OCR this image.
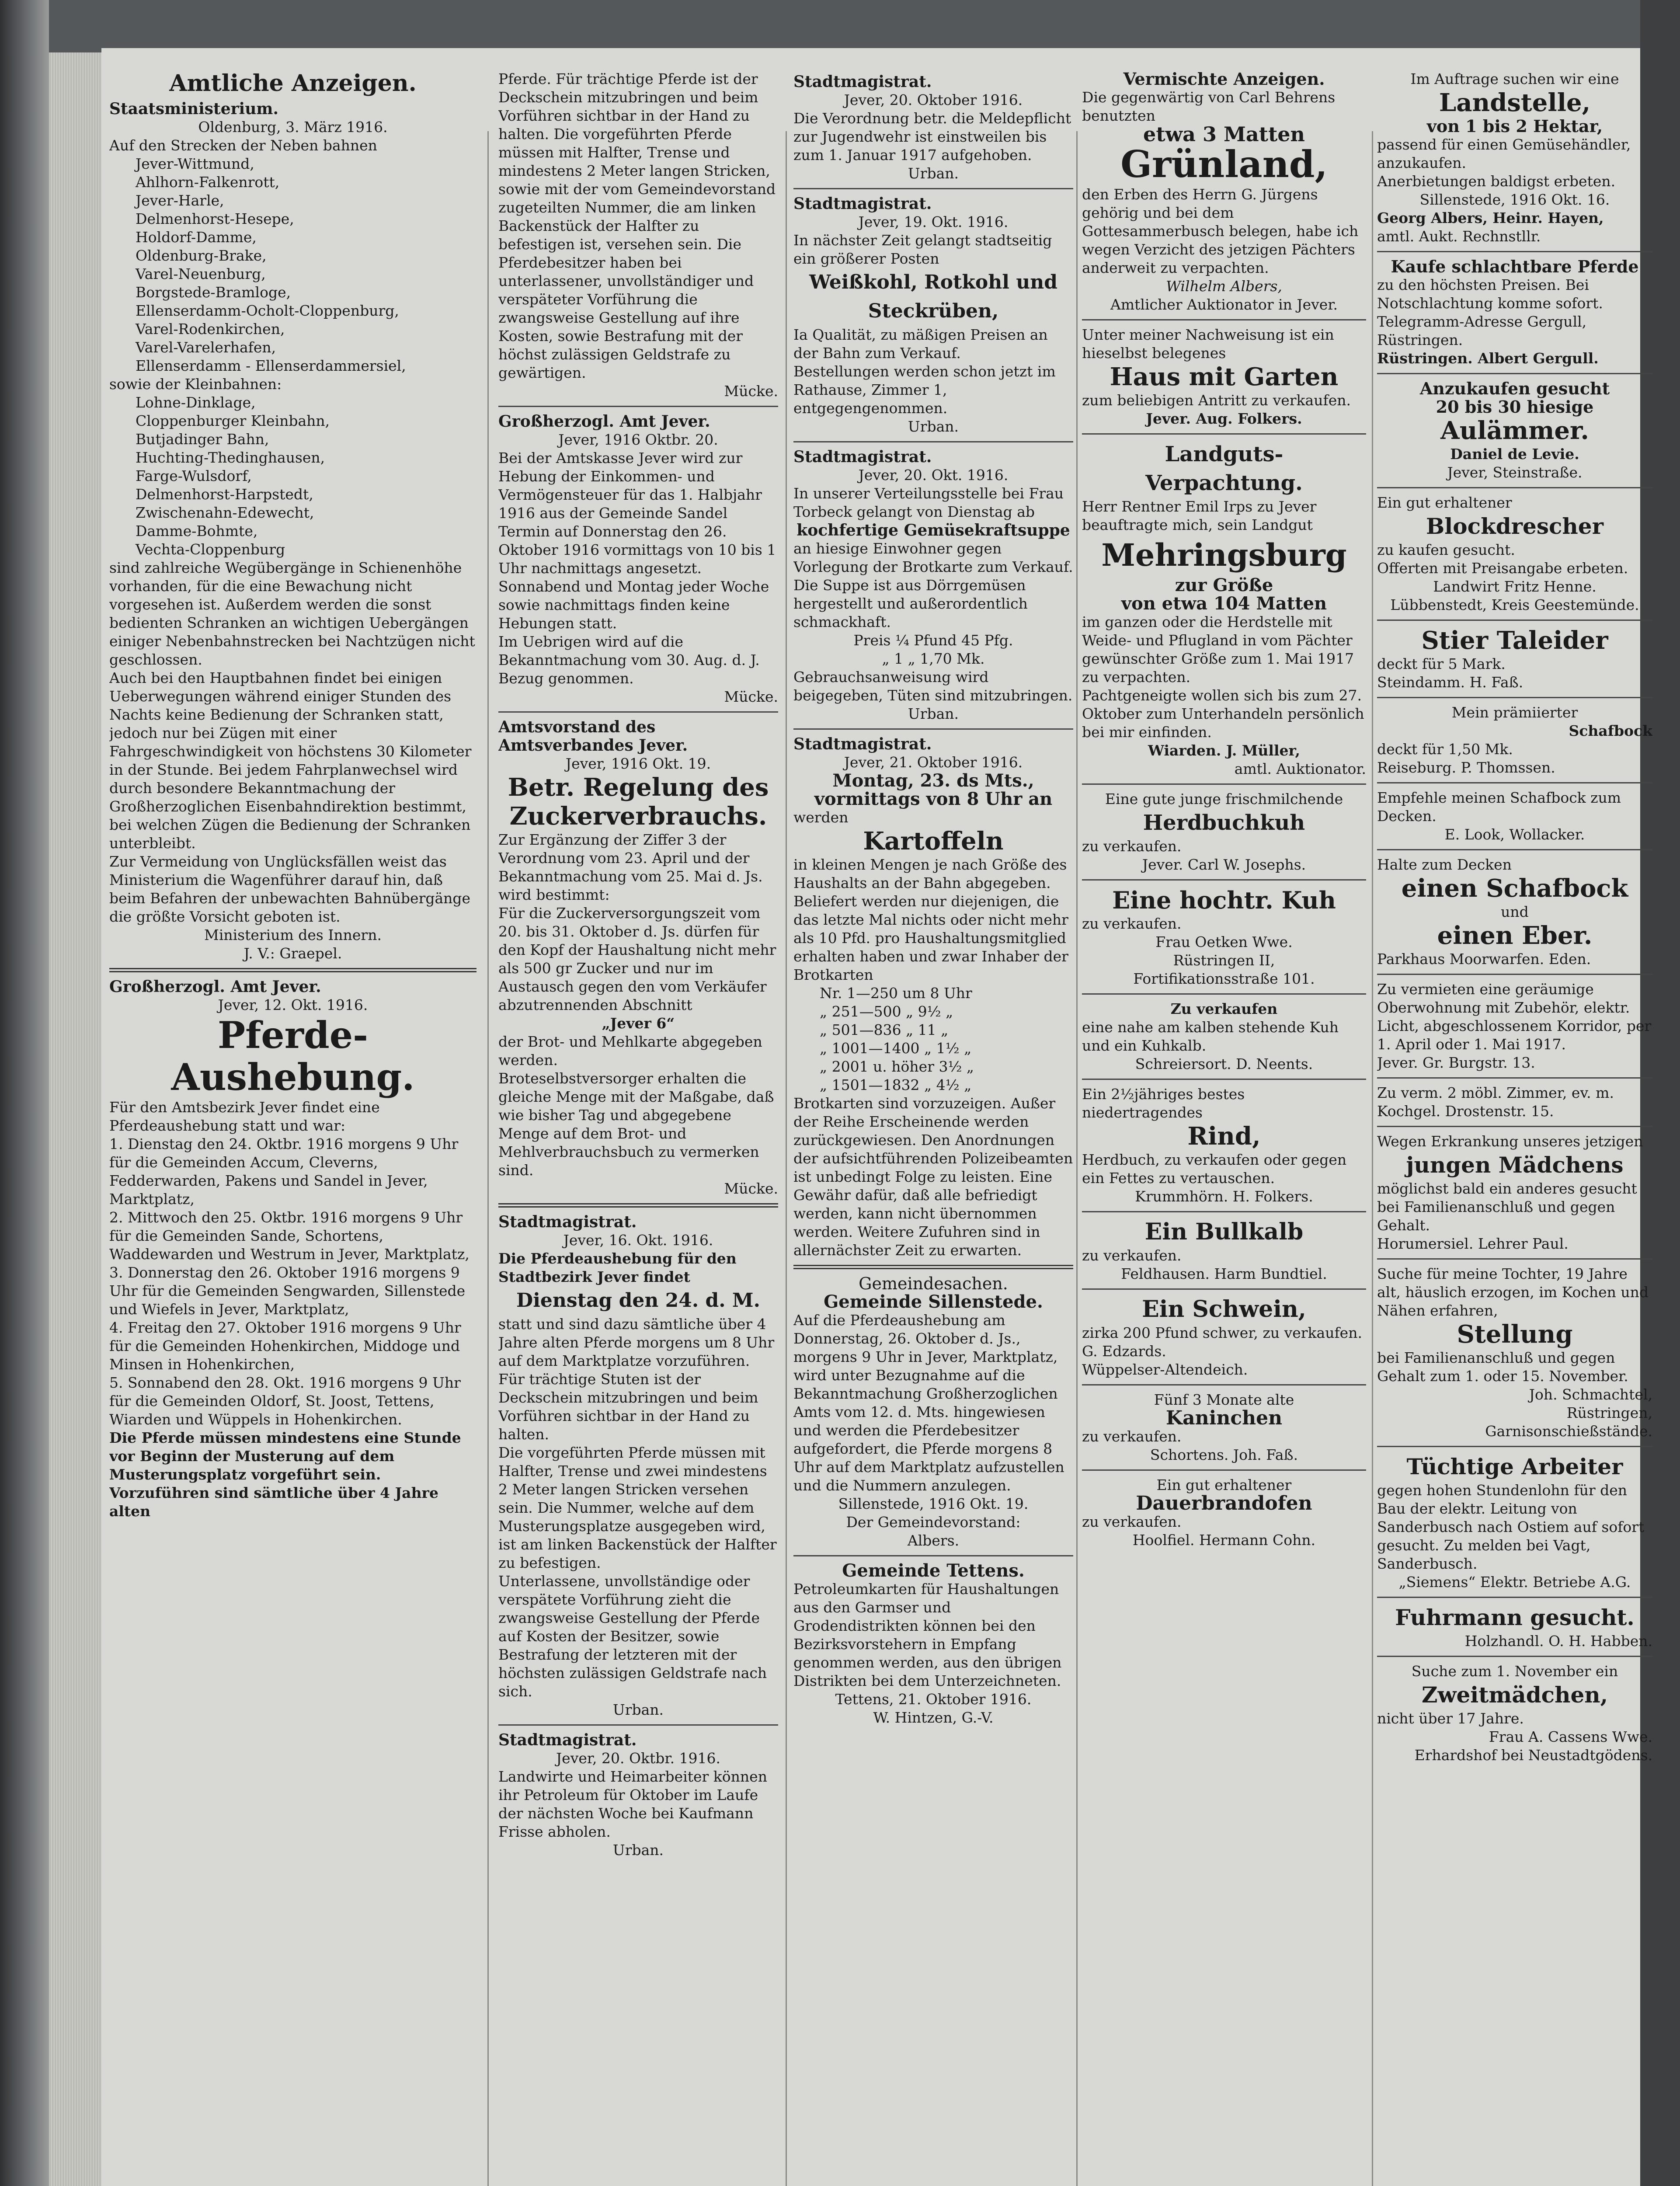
Amtliche Anzeigen.

Staatsministerium.

Oldenburg, 3. März 1916.

Auf den Strecken der Neben bahnen

Jever-Wittmund,

Ahlhorn-Falkenrott,

Jever-Harle,

Delmenhorst-Hesepe,

Holdorf-Damme,

Oldenburg-Brake,

Varel-Neuenburg,

Borgstede-Bramloge,

Ellenserdamm-Ocholt-Cloppenburg,

Varel-Rodenkirchen,

Varel-Varelerhafen,

Ellenserdamm - Ellenserdammersiel,

sowie der Kleinbahnen:

Lohne-Dinklage,

Cloppenburger Kleinbahn,

Butjadinger Bahn,

Huchting-Thedinghausen,

Farge-Wulsdorf,

Delmenhorst-Harpstedt,

Zwischenahn-Edewecht,

Damme-Bohmte,

Vechta-Cloppenburg

sind zahlreiche Wegübergänge in Schienenhöhe vorhanden, für die eine Bewachung nicht vorgesehen ist. Außerdem werden die sonst bedienten Schranken an wichtigen Uebergängen einiger Nebenbahnstrecken bei Nachtzügen nicht geschlossen.

Auch bei den Hauptbahnen findet bei einigen Ueberwegungen während einiger Stunden des Nachts keine Bedienung der Schranken statt, jedoch nur bei Zügen mit einer Fahrgeschwindigkeit von höchstens 30 Kilometer in der Stunde. Bei jedem Fahrplanwechsel wird durch besondere Bekanntmachung der Großherzoglichen Eisenbahndirektion bestimmt, bei welchen Zügen die Bedienung der Schranken unterbleibt.

Zur Vermeidung von Unglücksfällen weist das Ministerium die Wagenführer darauf hin, daß beim Befahren der unbewachten Bahnübergänge die größte Vorsicht geboten ist.

Ministerium des Innern.

J. V.: Graepel.

Großherzogl. Amt Jever.

Jever, 12. Okt. 1916.

Pferde-

Aushebung.

Für den Amtsbezirk Jever findet eine Pferdeaushebung statt und war:

1. Dienstag den 24. Oktbr. 1916 morgens 9 Uhr für die Gemeinden Accum, Cleverns, Fedderwarden, Pakens und Sandel in Jever, Marktplatz,

2. Mittwoch den 25. Oktbr. 1916 morgens 9 Uhr für die Gemeinden Sande, Schortens, Waddewarden und Westrum in Jever, Marktplatz,

3. Donnerstag den 26. Oktober 1916 morgens 9 Uhr für die Gemeinden Sengwarden, Sillenstede und Wiefels in Jever, Marktplatz,

4. Freitag den 27. Oktober 1916 morgens 9 Uhr für die Gemeinden Hohenkirchen, Middoge und Minsen in Hohenkirchen,

5. Sonnabend den 28. Okt. 1916 morgens 9 Uhr für die Gemeinden Oldorf, St. Joost, Tettens, Wiarden und Wüppels in Hohenkirchen.

Die Pferde müssen mindestens eine Stunde vor Beginn der Musterung auf dem Musterungsplatz vorgeführt sein. Vorzuführen sind sämtliche über 4 Jahre alten

Pferde. Für trächtige Pferde ist der Deckschein mitzubringen und beim Vorführen sichtbar in der Hand zu halten. Die vorgeführten Pferde müssen mit Halfter, Trense und mindestens 2 Meter langen Stricken, sowie mit der vom Gemeindevorstand zugeteilten Nummer, die am linken Backenstück der Halfter zu befestigen ist, versehen sein. Die Pferdebesitzer haben bei unterlassener, unvollständiger und verspäteter Vorführung die zwangsweise Gestellung auf ihre Kosten, sowie Bestrafung mit der höchst zulässigen Geldstrafe zu gewärtigen.

Mücke.

Großherzogl. Amt Jever.

Jever, 1916 Oktbr. 20.

Bei der Amtskasse Jever wird zur Hebung der Einkommen- und Vermögensteuer für das 1. Halbjahr 1916 aus der Gemeinde Sandel Termin auf Donnerstag den 26. Oktober 1916 vormittags von 10 bis 1 Uhr nachmittags angesetzt.

Sonnabend und Montag jeder Woche sowie nachmittags finden keine Hebungen statt.

Im Uebrigen wird auf die Bekanntmachung vom 30. Aug. d. J. Bezug genommen.

Mücke.

Amtsvorstand des Amtsverbandes Jever.

Jever, 1916 Okt. 19.

Betr. Regelung des

Zuckerverbrauchs.

Zur Ergänzung der Ziffer 3 der Verordnung vom 23. April und der Bekanntmachung vom 25. Mai d. Js. wird bestimmt:

Für die Zuckerversorgungszeit vom 20. bis 31. Oktober d. Js. dürfen für den Kopf der Haushaltung nicht mehr als 500 gr Zucker und nur im Austausch gegen den vom Verkäufer abzutrennenden Abschnitt

„Jever 6“

der Brot- und Mehlkarte abgegeben werden.

Broteselbstversorger erhalten die gleiche Menge mit der Maßgabe, daß wie bisher Tag und abgegebene Menge auf dem Brot- und Mehlverbrauchsbuch zu vermerken sind.

Mücke.

Stadtmagistrat.

Jever, 16. Okt. 1916.

Die Pferdeaushebung für den Stadtbezirk Jever findet

Dienstag den 24. d. M.

statt und sind dazu sämtliche über 4 Jahre alten Pferde morgens um 8 Uhr auf dem Marktplatze vorzuführen. Für trächtige Stuten ist der Deckschein mitzubringen und beim Vorführen sichtbar in der Hand zu halten.

Die vorgeführten Pferde müssen mit Halfter, Trense und zwei mindestens 2 Meter langen Stricken versehen sein. Die Nummer, welche auf dem Musterungsplatze ausgegeben wird, ist am linken Backenstück der Halfter zu befestigen.

Unterlassene, unvollständige oder verspätete Vorführung zieht die zwangsweise Gestellung der Pferde auf Kosten der Besitzer, sowie Bestrafung der letzteren mit der höchsten zulässigen Geldstrafe nach sich.

Urban.

Stadtmagistrat.

Jever, 20. Oktbr. 1916.

Landwirte und Heimarbeiter können ihr Petroleum für Oktober im Laufe der nächsten Woche bei Kaufmann Frisse abholen.

Urban.

Stadtmagistrat.

Jever, 20. Oktober 1916.

Die Verordnung betr. die Meldepflicht zur Jugendwehr ist einstweilen bis zum 1. Januar 1917 aufgehoben.

Urban.

Stadtmagistrat.

Jever, 19. Okt. 1916.

In nächster Zeit gelangt stadtseitig ein größerer Posten

Weißkohl, Rotkohl und

Steckrüben,

Ia Qualität, zu mäßigen Preisen an der Bahn zum Verkauf.

Bestellungen werden schon jetzt im Rathause, Zimmer 1, entgegengenommen.

Urban.

Stadtmagistrat.

Jever, 20. Okt. 1916.

In unserer Verteilungsstelle bei Frau Torbeck gelangt von Dienstag ab

kochfertige Gemüsekraftsuppe

an hiesige Einwohner gegen Vorlegung der Brotkarte zum Verkauf. Die Suppe ist aus Dörrgemüsen hergestellt und außerordentlich schmackhaft.

Preis ¼ Pfund 45 Pfg.

„ 1 „ 1,70 Mk.

Gebrauchsanweisung wird beigegeben, Tüten sind mitzubringen.

Urban.

Stadtmagistrat.

Jever, 21. Oktober 1916.

Montag, 23. ds Mts.,

vormittags von 8 Uhr an

werden

Kartoffeln

in kleinen Mengen je nach Größe des Haushalts an der Bahn abgegeben. Beliefert werden nur diejenigen, die das letzte Mal nichts oder nicht mehr als 10 Pfd. pro Haushaltungsmitglied erhalten haben und zwar Inhaber der Brotkarten

Nr. 1—250 um 8 Uhr

„ 251—500 „ 9½ „

„ 501—836 „ 11 „

„ 1001—1400 „ 1½ „

„ 2001 u. höher 3½ „

„ 1501—1832 „ 4½ „

Brotkarten sind vorzuzeigen. Außer der Reihe Erscheinende werden zurückgewiesen. Den Anordnungen der aufsichtführenden Polizeibeamten ist unbedingt Folge zu leisten. Eine Gewähr dafür, daß alle befriedigt werden, kann nicht übernommen werden. Weitere Zufuhren sind in allernächster Zeit zu erwarten.

Gemeindesachen.

Gemeinde Sillenstede.

Auf die Pferdeaushebung am Donnerstag, 26. Oktober d. Js., morgens 9 Uhr in Jever, Marktplatz, wird unter Bezugnahme auf die Bekanntmachung Großherzoglichen Amts vom 12. d. Mts. hingewiesen und werden die Pferdebesitzer aufgefordert, die Pferde morgens 8 Uhr auf dem Marktplatz aufzustellen und die Nummern anzulegen.

Sillenstede, 1916 Okt. 19.

Der Gemeindevorstand:

Albers.

Gemeinde Tettens.

Petroleumkarten für Haushaltungen aus den Garmser und Grodendistrikten können bei den Bezirksvorstehern in Empfang genommen werden, aus den übrigen Distrikten bei dem Unterzeichneten.

Tettens, 21. Oktober 1916.

W. Hintzen, G.-V.

Vermischte Anzeigen.

Die gegenwärtig von Carl Behrens benutzten

etwa 3 Matten

Grünland,

den Erben des Herrn G. Jürgens gehörig und bei dem Gottesammerbusch belegen, habe ich wegen Verzicht des jetzigen Pächters anderweit zu verpachten.

Wilhelm Albers,

Amtlicher Auktionator in Jever.

Unter meiner Nachweisung ist ein hieselbst belegenes

Haus mit Garten

zum beliebigen Antritt zu verkaufen.

Jever. Aug. Folkers.

Landguts-

Verpachtung.

Herr Rentner Emil Irps zu Jever beauftragte mich, sein Landgut

Mehringsburg

zur Größe

von etwa 104 Matten

im ganzen oder die Herdstelle mit Weide- und Pflugland in vom Pächter gewünschter Größe zum 1. Mai 1917 zu verpachten.

Pachtgeneigte wollen sich bis zum 27. Oktober zum Unterhandeln persönlich bei mir einfinden.

Wiarden. J. Müller,

amtl. Auktionator.

Eine gute junge frischmilchende

Herdbuchkuh

zu verkaufen.

Jever. Carl W. Josephs.

Eine hochtr. Kuh

zu verkaufen.

Frau Oetken Wwe.

Rüstringen II,

Fortifikationsstraße 101.

Zu verkaufen

eine nahe am kalben stehende Kuh und ein Kuhkalb.

Schreiersort. D. Neents.

Ein 2½jähriges bestes niedertragendes

Rind,

Herdbuch, zu verkaufen oder gegen ein Fettes zu vertauschen.

Krummhörn. H. Folkers.

Ein Bullkalb

zu verkaufen.

Feldhausen. Harm Bundtiel.

Ein Schwein,

zirka 200 Pfund schwer, zu verkaufen. G. Edzards.

Wüppelser-Altendeich.

Fünf 3 Monate alte

Kaninchen

zu verkaufen.

Schortens. Joh. Faß.

Ein gut erhaltener

Dauerbrandofen

zu verkaufen.

Hoolfiel. Hermann Cohn.

Im Auftrage suchen wir eine

Landstelle,

von 1 bis 2 Hektar,

passend für einen Gemüsehändler, anzukaufen.

Anerbietungen baldigst erbeten.

Sillenstede, 1916 Okt. 16.

Georg Albers, Heinr. Hayen,

amtl. Aukt. Rechnstllr.

Kaufe schlachtbare Pferde

zu den höchsten Preisen. Bei Notschlachtung komme sofort. Telegramm-Adresse Gergull, Rüstringen.

Rüstringen. Albert Gergull.

Anzukaufen gesucht

20 bis 30 hiesige

Aulämmer.

Daniel de Levie.

Jever, Steinstraße.

Ein gut erhaltener

Blockdrescher

zu kaufen gesucht.

Offerten mit Preisangabe erbeten.

Landwirt Fritz Henne.

Lübbenstedt, Kreis Geestemünde.

Stier Taleider

deckt für 5 Mark.

Steindamm. H. Faß.

Mein prämiierter

Schafbock

deckt für 1,50 Mk.

Reiseburg. P. Thomssen.

Empfehle meinen Schafbock zum Decken.

E. Look, Wollacker.

Halte zum Decken

einen Schafbock

und

einen Eber.

Parkhaus Moorwarfen. Eden.

Zu vermieten eine geräumige Oberwohnung mit Zubehör, elektr. Licht, abgeschlossenem Korridor, per 1. April oder 1. Mai 1917.

Jever. Gr. Burgstr. 13.

Zu verm. 2 möbl. Zimmer, ev. m. Kochgel. Drostenstr. 15.

Wegen Erkrankung unseres jetzigen

jungen Mädchens

möglichst bald ein anderes gesucht bei Familienanschluß und gegen Gehalt.

Horumersiel. Lehrer Paul.

Suche für meine Tochter, 19 Jahre alt, häuslich erzogen, im Kochen und Nähen erfahren,

Stellung

bei Familienanschluß und gegen Gehalt zum 1. oder 15. November.

Joh. Schmachtel,

Rüstringen,

Garnisonschießstände.

Tüchtige Arbeiter

gegen hohen Stundenlohn für den Bau der elektr. Leitung von Sanderbusch nach Ostiem auf sofort gesucht. Zu melden bei Vagt, Sanderbusch.

„Siemens“ Elektr. Betriebe A.G.

Fuhrmann gesucht.

Holzhandl. O. H. Habben.

Suche zum 1. November ein

Zweitmädchen,

nicht über 17 Jahre.

Frau A. Cassens Wwe.

Erhardshof bei Neustadtgödens.
